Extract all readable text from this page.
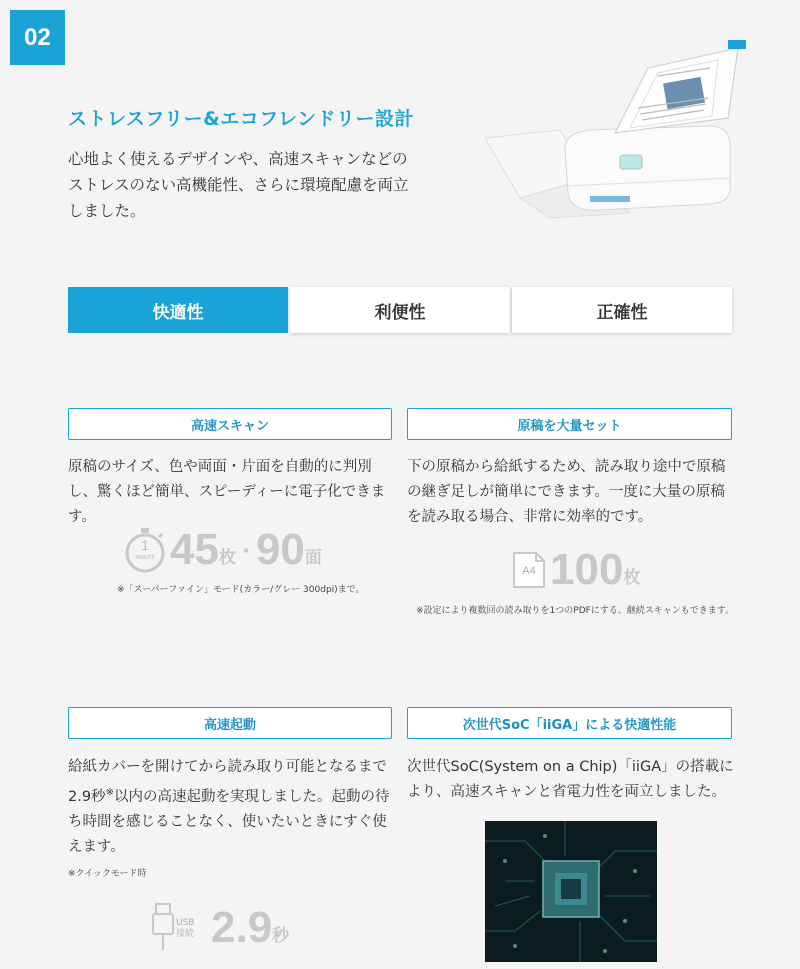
02
ストレスフリー&エコフレンドリー設計
心地よく使えるデザインや、高速スキャンなどのストレスのない高機能性、さらに環境配慮を両立しました。
快適性	利便性	正確性
高速スキャン
原稿のサイズ、色や両面・片面を自動的に判別し、驚くほど簡単、スピーディーに電子化できます。
1
MINUTE 45 枚 ・ 90 面
※「スーパーファイン」モード(カラー/グレー 300dpi)まで。
原稿を大量セット
下の原稿から給紙するため、読み取り途中で原稿の継ぎ足しが簡単にできます。一度に大量の原稿を読み取る場合、非常に効率的です。
A4 100 枚
※設定により複数回の読み取りを1つのPDFにする、継続スキャンもできます。
高速起動
給紙カバーを開けてから読み取り可能となるまで2.9秒※以内の高速起動を実現しました。起動の待ち時間を感じることなく、使いたいときにすぐ使えます。
※クイックモード時
USB
接続 2.9 秒
次世代SoC「iiGA」による快適性能
次世代SoC(System on a Chip)「iiGA」の搭載により、高速スキャンと省電力性を両立しました。
